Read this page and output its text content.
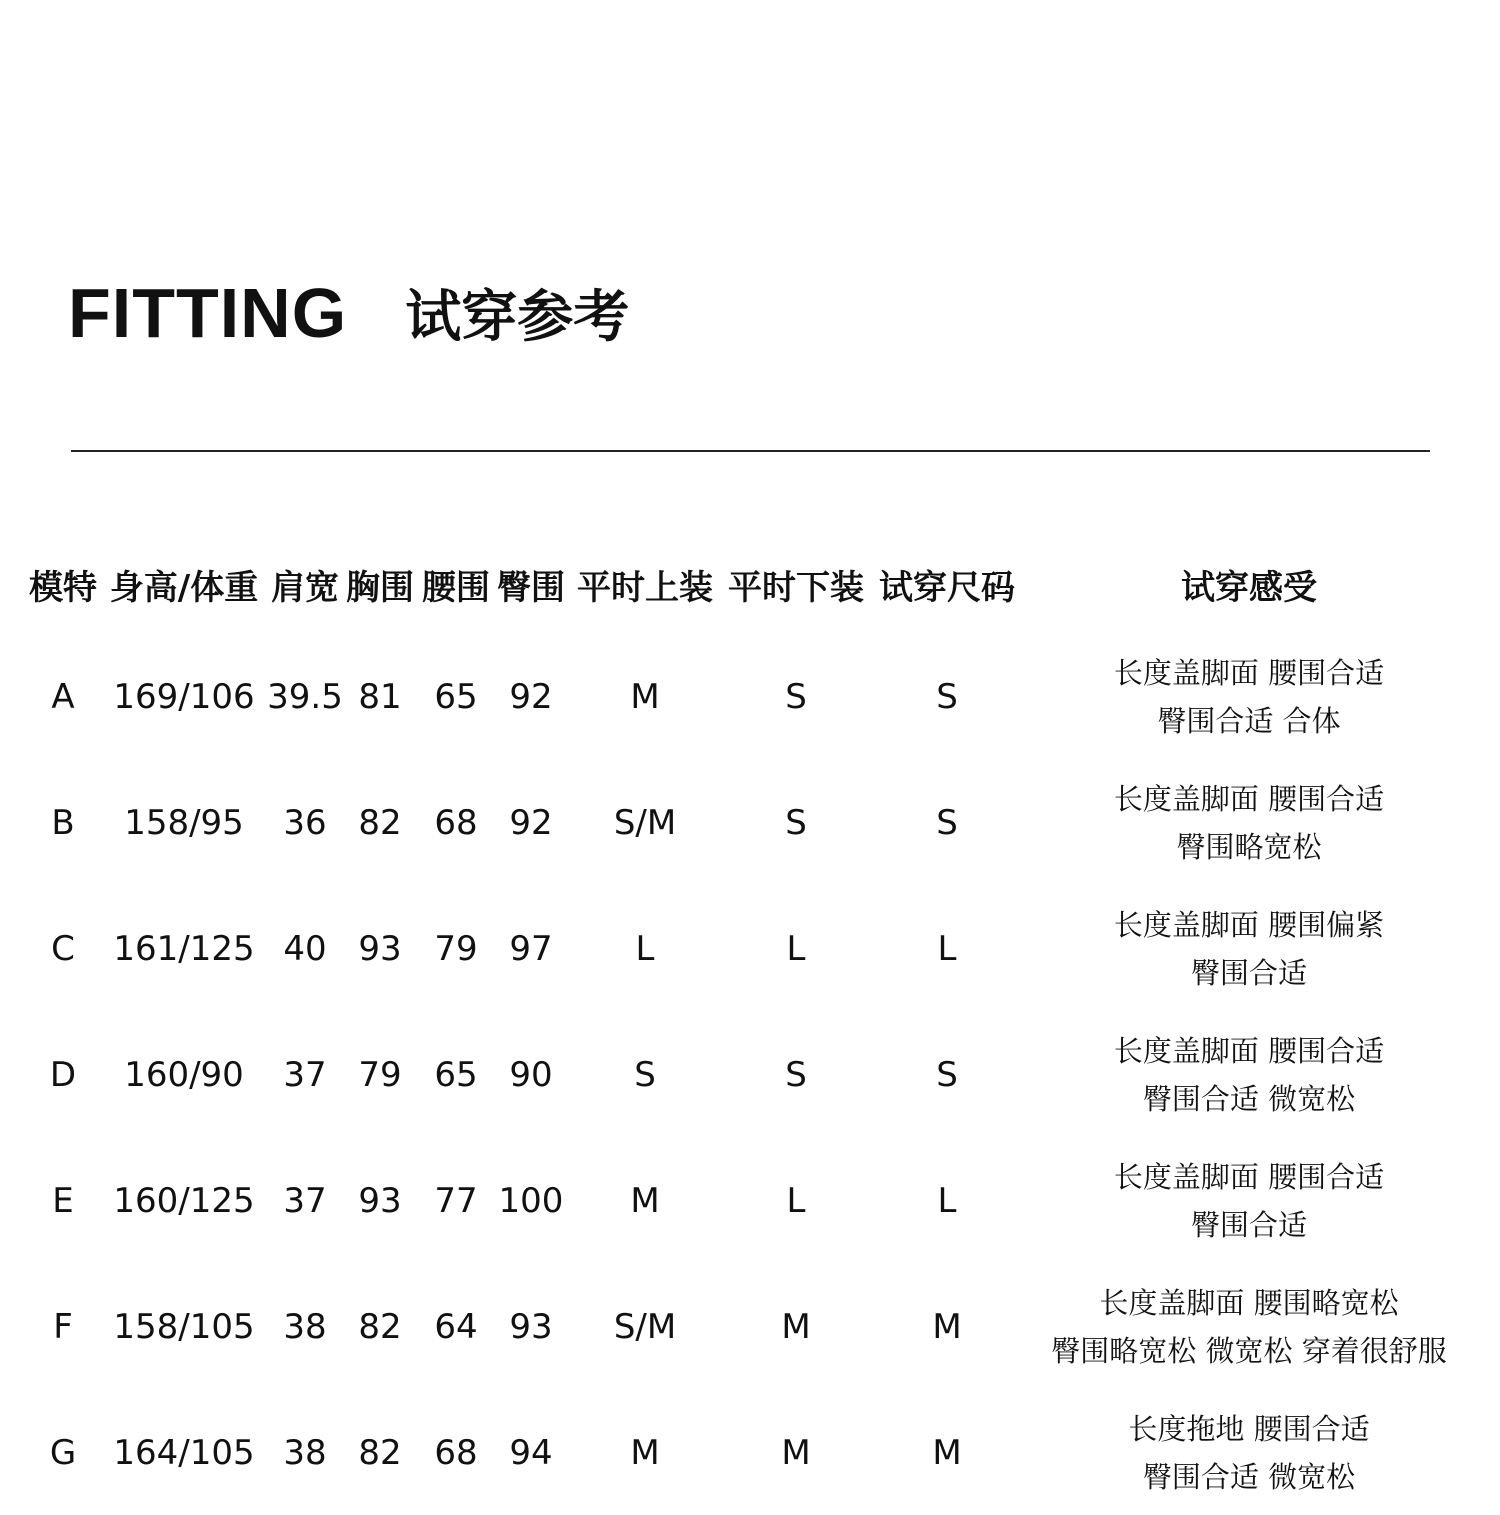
FITTING 试穿参考
模特 身高/体重 肩宽 胸围 腰围 臀围 平时上装 平时下装 试穿尺码	试穿感受
A 169/106 39.5 81 65 92 M	S	S
长度盖脚面 腰围合适
臀围合适 合体
B 158/95 36 82 68 92 S/M	S	S
长度盖脚面 腰围合适
臀围略宽松
C 161/125 40 93 79 97 L	L	L
长度盖脚面 腰围偏紧
臀围合适
D 160/90 37 79 65 90 S	S	S
长度盖脚面 腰围合适
臀围合适 微宽松
E 160/125 37 93 77 100 M	L	L
长度盖脚面 腰围合适
臀围合适
F 158/105 38 82 64 93 S/M	M	M
长度盖脚面 腰围略宽松
臀围略宽松 微宽松 穿着很舒服
G 164/105 38 82 68 94 M	M	M
长度拖地 腰围合适
臀围合适 微宽松
